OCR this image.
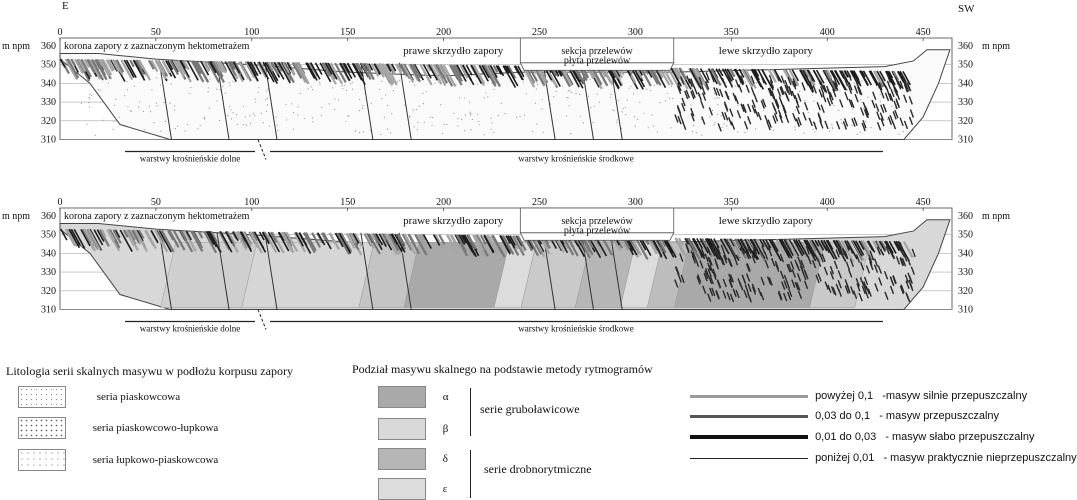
E	SW
0	50	100	150	200	250	300	350	400	450
360	360
350	350
340	340
330	330
320	320
310	310
m npm	m npm
prawe skrzydło zapory	sekcja przelewów
płyta przelewów
lewe skrzydło zapory
korona zapory z zaznaczonym hektometrażem
warstwy krośnieńskie dolne	warstwy krośnieńskie środkowe
0	50	100	150	200	250	300	350	400	450
360	360
350	350
340	340
330	330
320	320
310	310
m npm	m npm
prawe skrzydło zapory	sekcja przelewów
płyta przelewów
lewe skrzydło zapory
korona zapory z zaznaczonym hektometrażem
warstwy krośnieńskie dolne	warstwy krośnieńskie środkowe
Litologia serii skalnych masywu w podłożu korpusu zapory
seria piaskowcowa
seria piaskowcowo-łupkowa
seria łupkowo-piaskowcowa
Podział masywu skalnego na podstawie metody rytmogramów
α
β
δ
ε
serie gruboławicowe
serie drobnorytmiczne
powyżej 0,1 -masyw silnie przepuszczalny
0,03 do 0,1 - masyw przepuszczalny
0,01 do 0,03 - masyw słabo przepuszczalny
poniżej 0,01 - masyw praktycznie nieprzepuszczalny
